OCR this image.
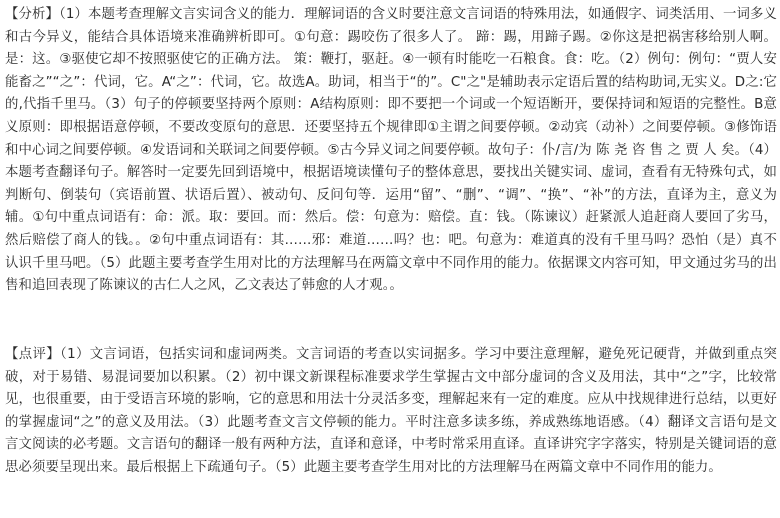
【分析】（1）本题考查理解文言实词含义的能力．理解词语的含义时要注意文言词语的特殊用法，如通假字、词类活用、一词多义和古今异义，能结合具体语境来准确辨析即可。①句意：踢咬伤了很多人了。 蹄：踢，用蹄子踢。②你这是把祸害移给别人啊。是：这。③驱使它却不按照驱使它的正确方法。 策：鞭打，驱赶。④一顿有时能吃一石粮食。食：吃。（2）例句：例句：“贾人安能畜之”“之”：代词，它。A“之”：代词，它。故选A。助词，相当于“的”。C"之"是辅助表示定语后置的结构助词,无实义。D之:它的,代指千里马。（3）句子的停顿要坚持两个原则：A结构原则：即不要把一个词或一个短语断开，要保持词和短语的完整性。B意义原则：即根据语意停顿，不要改变原句的意思．还要坚持五个规律即①主谓之间要停顿。②动宾（动补）之间要停顿。③修饰语和中心词之间要停顿。④发语词和关联词之间要停顿。⑤古今异义词之间要停顿。故句子：仆/言/为 陈 尧 咨 售 之 贾 人 矣。（4）本题考查翻译句子。解答时一定要先回到语境中，根据语境读懂句子的整体意思，要找出关键实词、虚词，查看有无特殊句式，如判断句、倒装句（宾语前置、状语后置）、被动句、反问句等．运用“留”、“删”、“调”、“换”、“补”的方法，直译为主，意义为辅。①句中重点词语有：命：派。取：要回。而：然后。偿：句意为：赔偿。直：钱。（陈谏议）赶紧派人追赶商人要回了劣马，然后赔偿了商人的钱。。②句中重点词语有：其……邪：难道……吗？也：吧。句意为：难道真的没有千里马吗？恐怕（是）真不认识千里马吧。（5）此题主要考查学生用对比的方法理解马在两篇文章中不同作用的能力。依据课文内容可知，甲文通过劣马的出售和追回表现了陈谏议的古仁人之风，乙文表达了韩愈的人才观。。
【点评】（1）文言词语，包括实词和虚词两类。文言词语的考查以实词据多。学习中要注意理解，避免死记硬背，并做到重点突破，对于易错、易混词要加以积累。（2）初中课文新课程标准要求学生掌握古文中部分虚词的含义及用法，其中“之”字，比较常见，也很重要，由于受语言环境的影响，它的意思和用法十分灵活多变，理解起来有一定的难度。应从中找规律进行总结，以更好的掌握虚词“之”的意义及用法。（3）此题考查文言文停顿的能力。平时注意多读多练，养成熟练地语感。（4）翻译文言语句是文言文阅读的必考题。文言语句的翻译一般有两种方法，直译和意译，中考时常采用直译。直译讲究字字落实，特别是关键词语的意思必须要呈现出来。最后根据上下疏通句子。（5）此题主要考查学生用对比的方法理解马在两篇文章中不同作用的能力。
